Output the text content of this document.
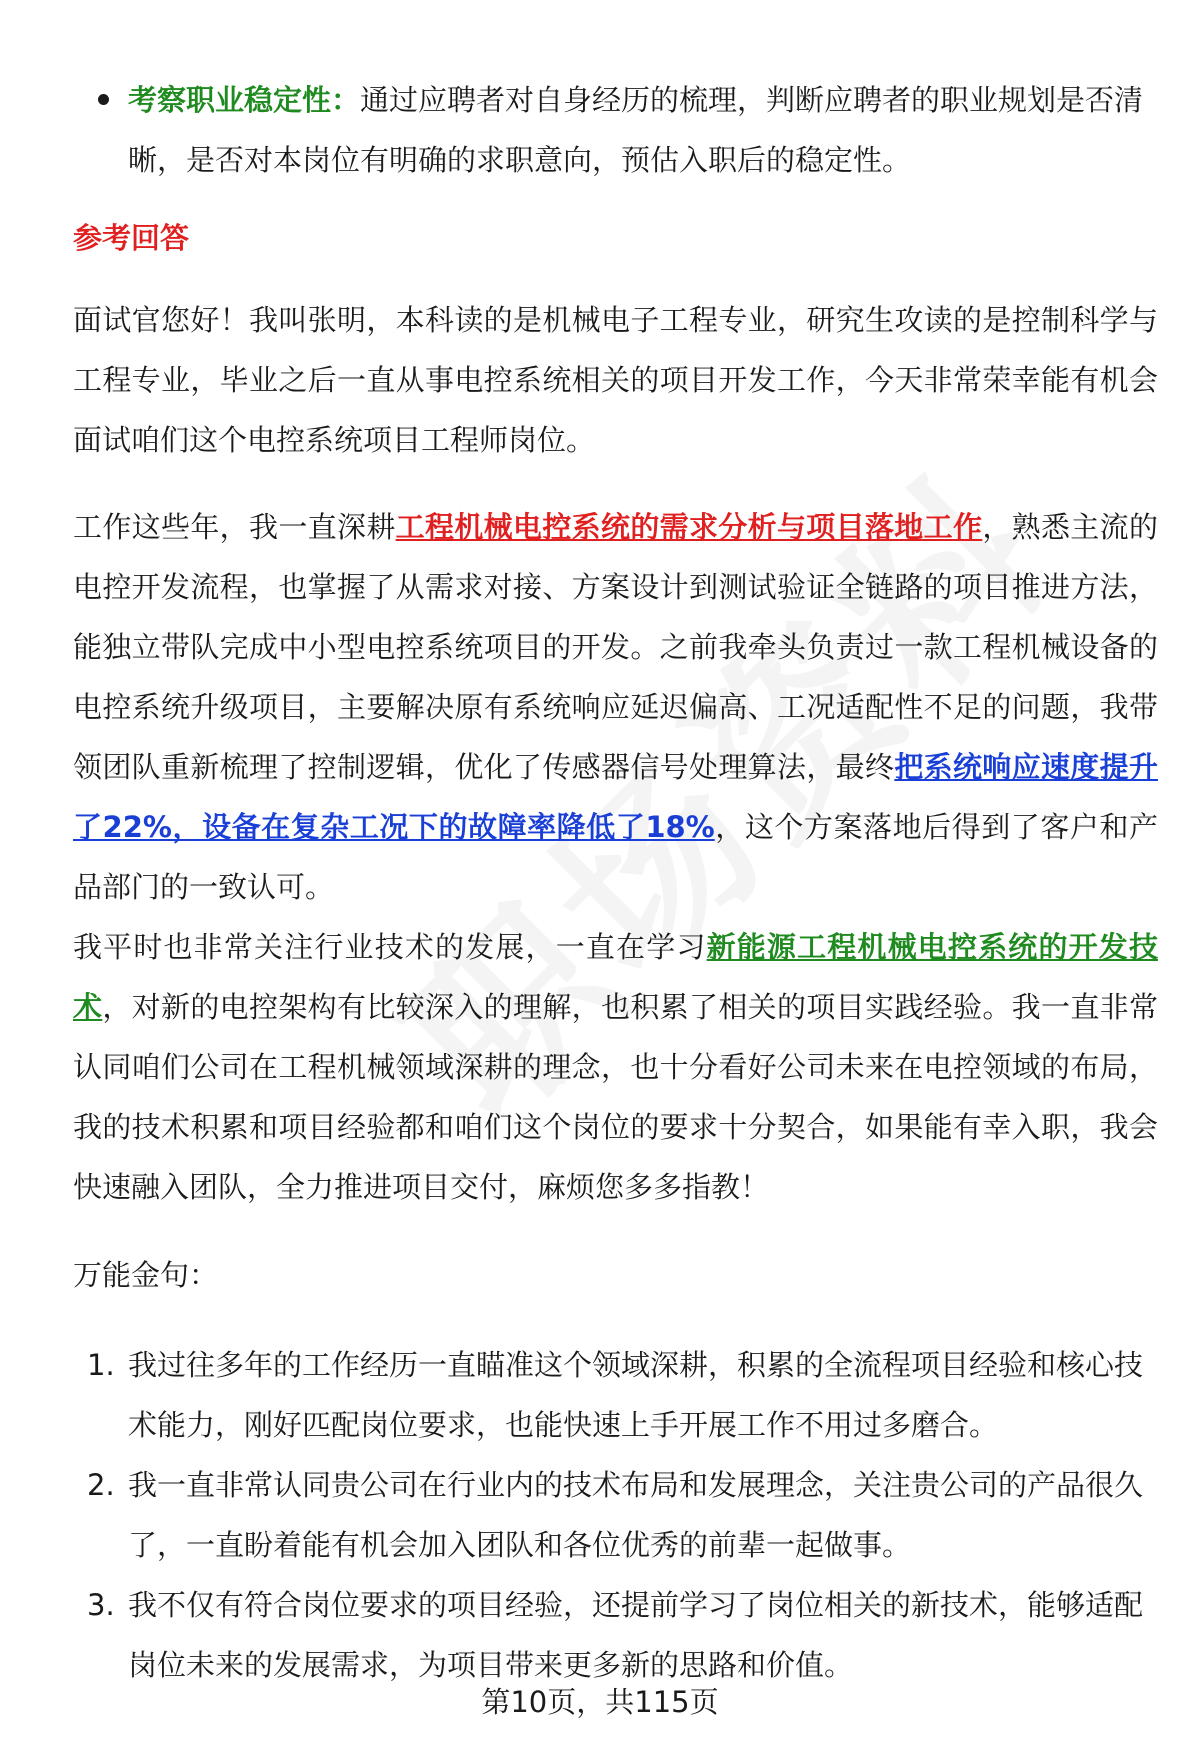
考察职业稳定性：通过应聘者对自身经历的梳理，判断应聘者的职业规划是否清晰，是否对本岗位有明确的求职意向，预估入职后的稳定性。
参考回答
面试官您好！我叫张明，本科读的是机械电子工程专业，研究生攻读的是控制科学与工程专业，毕业之后一直从事电控系统相关的项目开发工作，今天非常荣幸能有机会面试咱们这个电控系统项目工程师岗位。
工作这些年，我一直深耕工程机械电控系统的需求分析与项目落地工作，熟悉主流的电控开发流程，也掌握了从需求对接、方案设计到测试验证全链路的项目推进方法，能独立带队完成中小型电控系统项目的开发。之前我牵头负责过一款工程机械设备的电控系统升级项目，主要解决原有系统响应延迟偏高、工况适配性不足的问题，我带领团队重新梳理了控制逻辑，优化了传感器信号处理算法，最终把系统响应速度提升了22%，设备在复杂工况下的故障率降低了18%，这个方案落地后得到了客户和产品部门的一致认可。
我平时也非常关注行业技术的发展，一直在学习新能源工程机械电控系统的开发技术，对新的电控架构有比较深入的理解，也积累了相关的项目实践经验。我一直非常认同咱们公司在工程机械领域深耕的理念，也十分看好公司未来在电控领域的布局，我的技术积累和项目经验都和咱们这个岗位的要求十分契合，如果能有幸入职，我会快速融入团队，全力推进项目交付，麻烦您多多指教！
万能金句：
1. 我过往多年的工作经历一直瞄准这个领域深耕，积累的全流程项目经验和核心技术能力，刚好匹配岗位要求，也能快速上手开展工作不用过多磨合。
2. 我一直非常认同贵公司在行业内的技术布局和发展理念，关注贵公司的产品很久了，一直盼着能有机会加入团队和各位优秀的前辈一起做事。
3. 我不仅有符合岗位要求的项目经验，还提前学习了岗位相关的新技术，能够适配岗位未来的发展需求，为项目带来更多新的思路和价值。
第10页，共115页
